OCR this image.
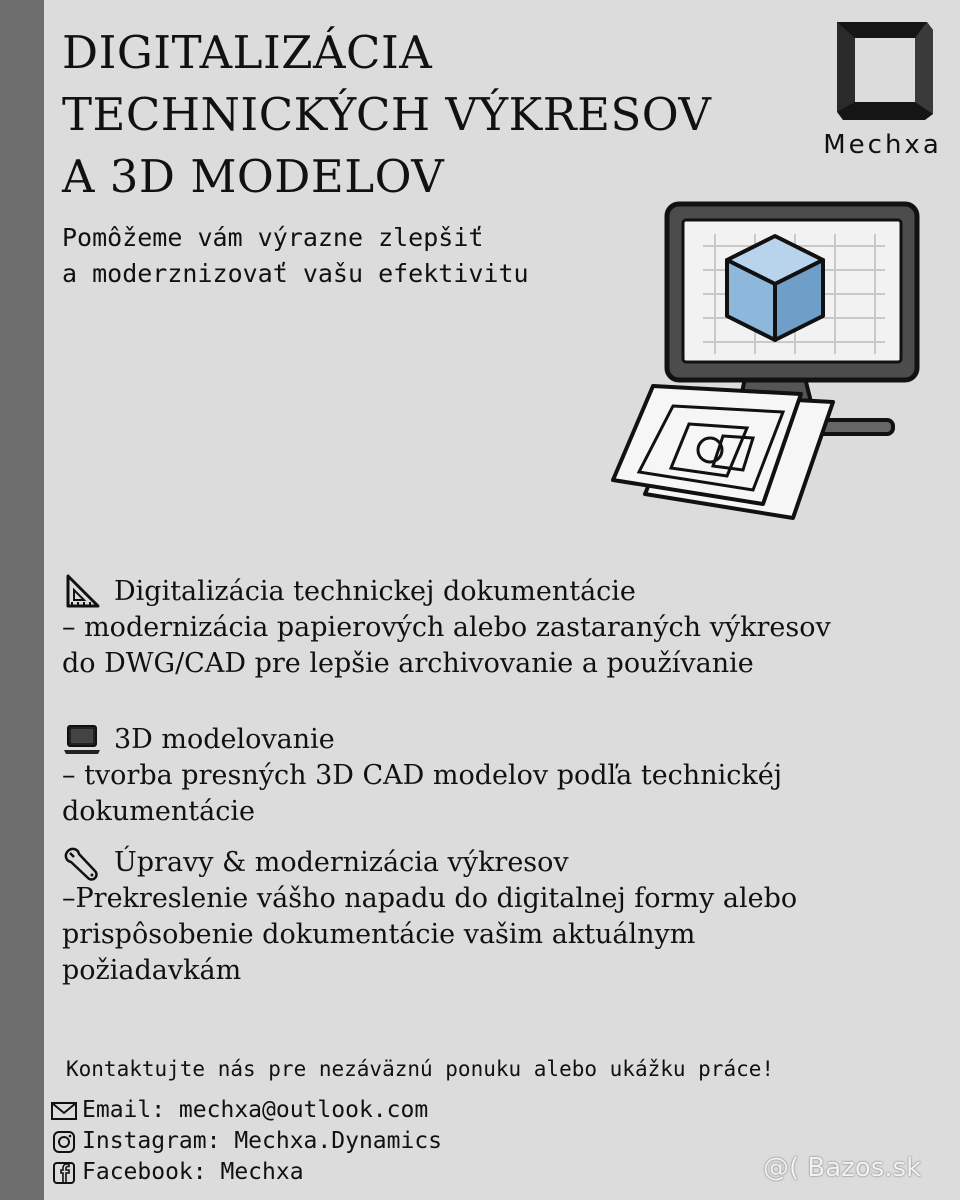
DIGITALIZÁCIA
TECHNICKÝCH VÝKRESOV
A 3D MODELOV
Mechxa
Pomôžeme vám výrazne zlepšiť
a moderznizovať vašu efektivitu
Digitalizácia technickej dokumentácie
– modernizácia papierových alebo zastaraných výkresov
do DWG/CAD pre lepšie archivovanie a používanie
3D modelovanie
– tvorba presných 3D CAD modelov podľa technickéj
dokumentácie
Úpravy & modernizácia výkresov
–Prekreslenie vášho napadu do digitalnej formy alebo
prispôsobenie dokumentácie vašim aktuálnym
požiadavkám
Kontaktujte nás pre nezáväznú ponuku alebo ukážku práce!
Email: mechxa@outlook.com
Instagram: Mechxa.Dynamics
Facebook: Mechxa	@( Bazos.sk
